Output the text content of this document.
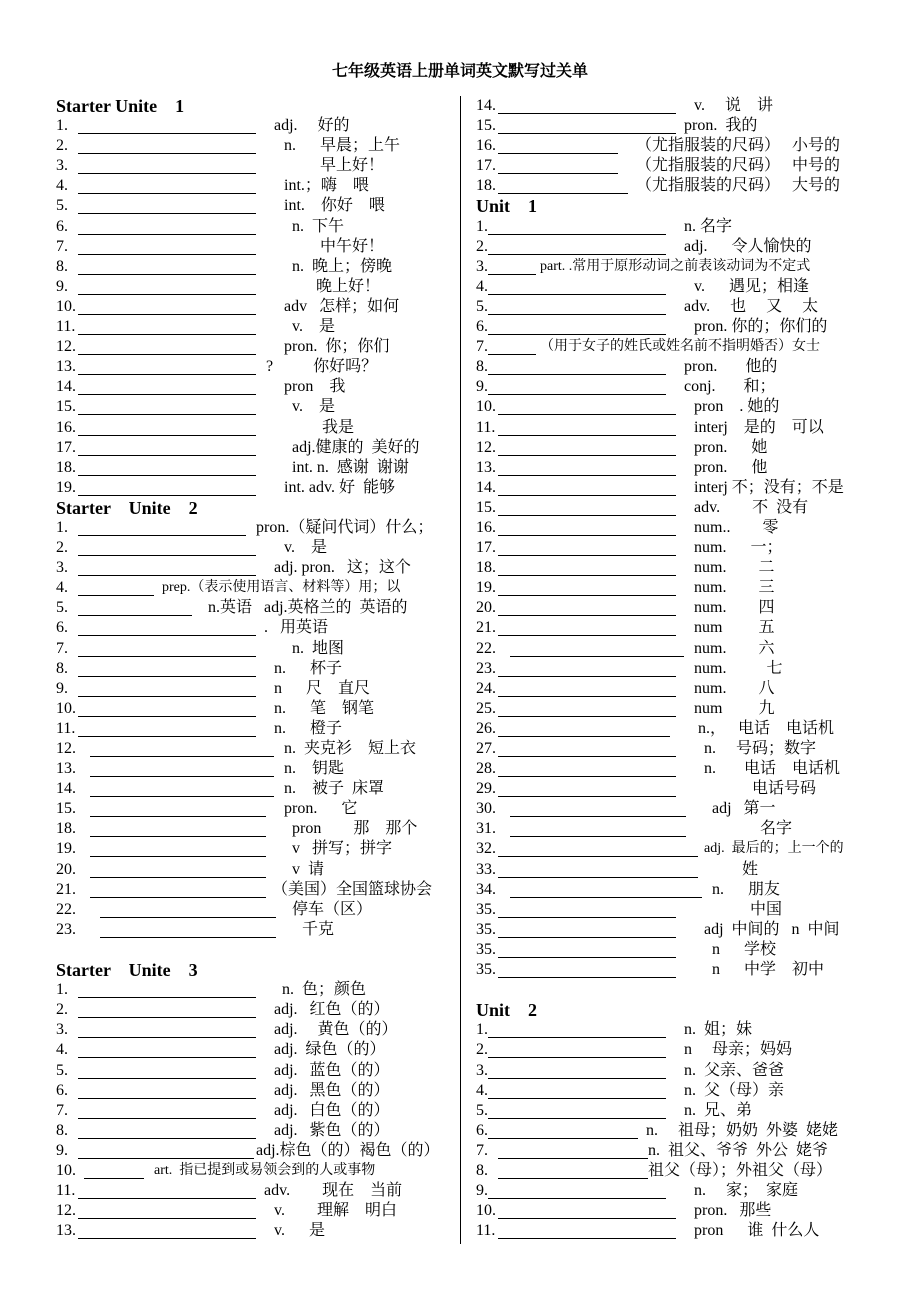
七年级英语上册单词英文默写过关单
Starter Unite    1
1.	adj.     好的
2.	n.      早晨；上午
3.	早上好！
4.	int.；嗨    喂
5.	int.    你好    喂
6.	n.  下午
7.	中午好！
8.	n.  晚上；傍晚
9.	晚上好！
10.	adv   怎样；如何
11.	v.    是
12.	pron.  你；你们
13.	?          你好吗？
14.	pron    我
15.	v.    是
16.	我是
17.	adj.健康的  美好的
18.	int. n.  感谢  谢谢
19.	int. adv. 好  能够
Starter    Unite    2
1.	pron.（疑问代词）什么；
2.	v.    是
3.	adj. pron.   这；这个
4.	prep.（表示使用语言、材料等）用；以
5.	n.英语   adj.英格兰的  英语的
6.	.   用英语
7.	n.  地图
8.	n.      杯子
9.	n      尺    直尺
10.	n.      笔    钢笔
11.	n.      橙子
12.	n.  夹克衫    短上衣
13.	n.    钥匙
14.	n.    被子  床罩
15.	pron.      它
18.	pron        那    那个
19.	v   拼写；拼字
20.	v  请
21.	（美国）全国篮球协会
22.	停车（区）
23.	千克
Starter    Unite    3
1.	n.  色；颜色
2.	adj.   红色（的）
3.	adj.     黄色（的）
4.	adj.  绿色（的）
5.	adj.   蓝色（的）
6.	adj.   黑色（的）
7.	adj.   白色（的）
8.	adj.   紫色（的）
9.	adj.棕色（的）褐色（的）
10.	art.  指已提到或易领会到的人或事物
11.	adv.        现在    当前
12.	v.        理解    明白
13.	v.      是
14.	v.     说    讲
15.	pron.  我的
16.	（尤指服装的尺码）   小号的
17.	（尤指服装的尺码）   中号的
18.	（尤指服装的尺码）   大号的
Unit    1
1.	n. 名字
2.	adj.      令人愉快的
3.	part. .常用于原形动词之前表该动词为不定式
4.	v.      遇见；相逢
5.	adv.     也     又     太
6.	pron. 你的；你们的
7.	（用于女子的姓氏或姓名前不指明婚否）女士
8.	pron.       他的
9.	conj.       和；
10.	pron    . 她的
11.	interj    是的    可以
12.	pron.      她
13.	pron.      他
14.	interj 不；没有；不是
15.	adv.        不  没有
16.	num..        零
17.	num.      一；
18.	num.        二
19.	num.        三
20.	num.        四
21.	num         五
22.	num.        六
23.	num.          七
24.	num.        八
25.	num         九
26.	n.，   电话    电话机
27.	n.     号码；数字
28.	n.       电话    电话机
29.	电话号码
30.	adj   第一
31.	名字
32.	adj.  最后的；上一个的
33.	姓
34.	n.      朋友
35.	中国
35.	adj  中间的   n  中间
35.	n      学校
35.	n      中学    初中
Unit    2
1.	n.  姐；妹
2.	n     母亲；妈妈
3.	n.  父亲、爸爸
4.	n.  父（母）亲
5.	n.  兄、弟
6.	n.     祖母；奶奶  外婆  姥姥
7.	n.  祖父、爷爷  外公  姥爷
8.	祖父（母）；外祖父（母）
9.	n.     家；  家庭
10.	pron.   那些
11.	pron      谁  什么人
